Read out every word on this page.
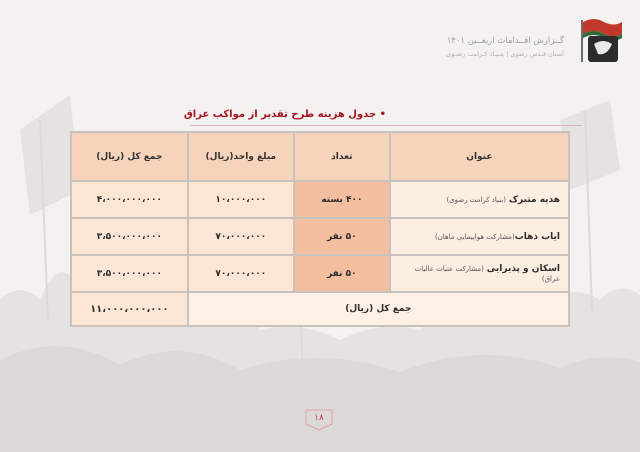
گــزارش اقــدامات اربعــین ۱۴۰۱
آستان قـدس رضوی | بنـیـاد کـرامت رضـوی
• جدول هزینه طرح تقدیر از مواکب عراق
عنوان	تعداد	مبلغ واحد(ریال)	جمع کل (ریال)
هدیه متبرک (بنیاد کرامت رضوی)	۴۰۰ بسته	۱۰،۰۰۰،۰۰۰	۴،۰۰۰،۰۰۰،۰۰۰
ایاب ذهاب(مشارکت هواپیمایی ماهان)	۵۰ نفر	۷۰،۰۰۰،۰۰۰	۳،۵۰۰،۰۰۰،۰۰۰
اسکان و پذیرایی (مشارکت عتبات عالیات عراق)	۵۰ نفر	۷۰،۰۰۰،۰۰۰	۳،۵۰۰،۰۰۰،۰۰۰
جمع کل (ریال)			۱۱،۰۰۰،۰۰۰،۰۰۰
۱۸
